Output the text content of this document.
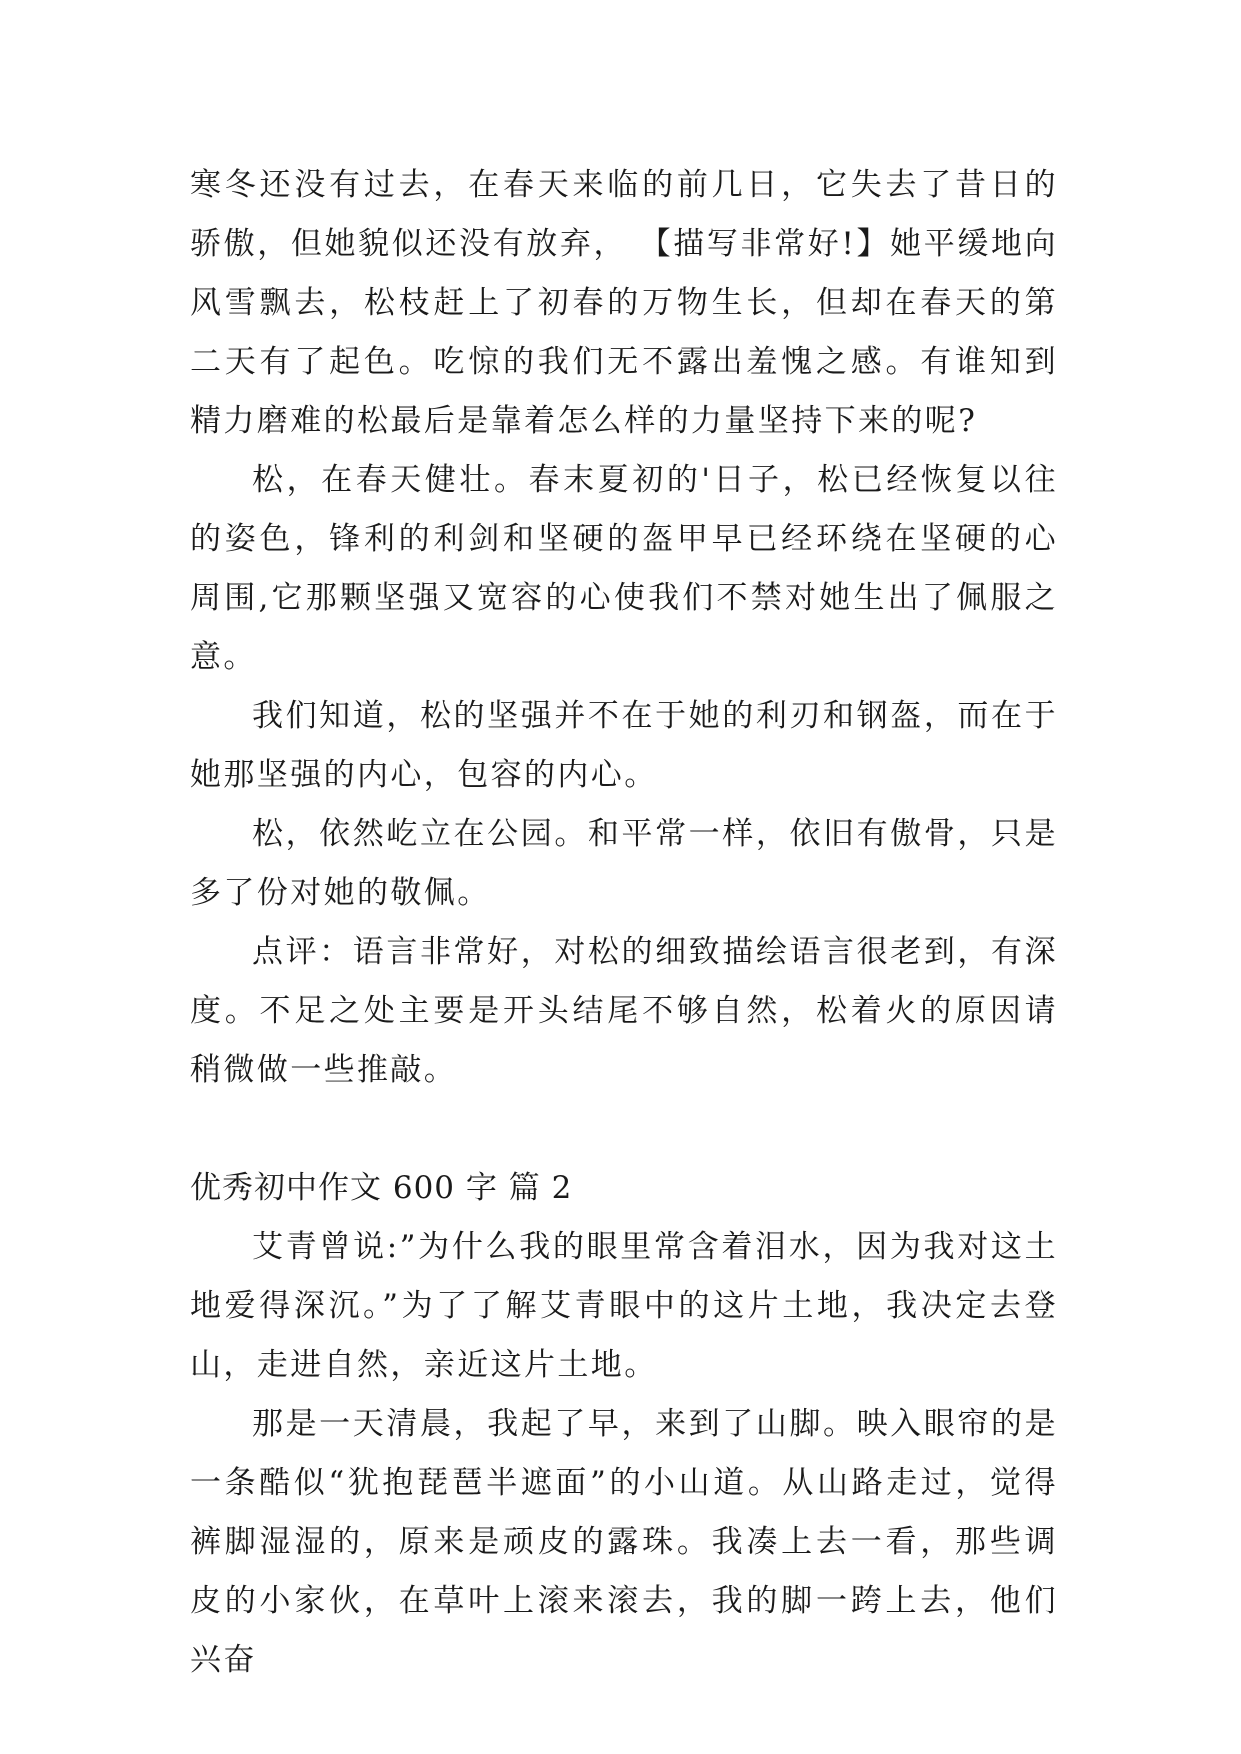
寒冬还没有过去，在春天来临的前几日，它失去了昔日的骄傲，但她貌似还没有放弃， 【描写非常好!】她平缓地向风雪飘去，松枝赶上了初春的万物生长，但却在春天的第二天有了起色。吃惊的我们无不露出羞愧之感。有谁知到精力磨难的松最后是靠着怎么样的力量坚持下来的呢?

松，在春天健壮。春末夏初的'日子，松已经恢复以往的姿色，锋利的利剑和坚硬的盔甲早已经环绕在坚硬的心周围,它那颗坚强又宽容的心使我们不禁对她生出了佩服之意。

我们知道，松的坚强并不在于她的利刃和钢盔，而在于她那坚强的内心，包容的内心。

松，依然屹立在公园。和平常一样，依旧有傲骨，只是多了份对她的敬佩。

点评：语言非常好，对松的细致描绘语言很老到，有深度。不足之处主要是开头结尾不够自然，松着火的原因请稍微做一些推敲。

优秀初中作文 600 字 篇 2

艾青曾说:”为什么我的眼里常含着泪水，因为我对这土地爱得深沉。”为了了解艾青眼中的这片土地，我决定去登山，走进自然，亲近这片土地。

那是一天清晨，我起了早，来到了山脚。映入眼帘的是一条酷似“犹抱琵琶半遮面”的小山道。从山路走过，觉得裤脚湿湿的，原来是顽皮的露珠。我凑上去一看，那些调皮的小家伙，在草叶上滚来滚去，我的脚一跨上去，他们兴奋
